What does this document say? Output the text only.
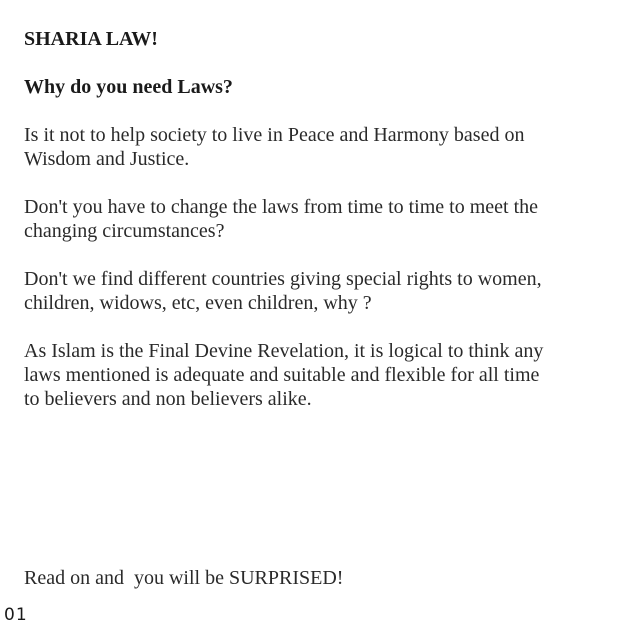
SHARIA LAW!

Why do you need Laws?

Is it not to help society to live in Peace and Harmony based on
Wisdom and Justice.

Don't you have to change the laws from time to time to meet the
changing circumstances?

Don't we find different countries giving special rights to women,
children, widows, etc, even children, why ?

As Islam is the Final Devine Revelation, it is logical to think any
laws mentioned is adequate and suitable and flexible for all time
to believers and non believers alike.

Read on and  you will be SURPRISED!

01
